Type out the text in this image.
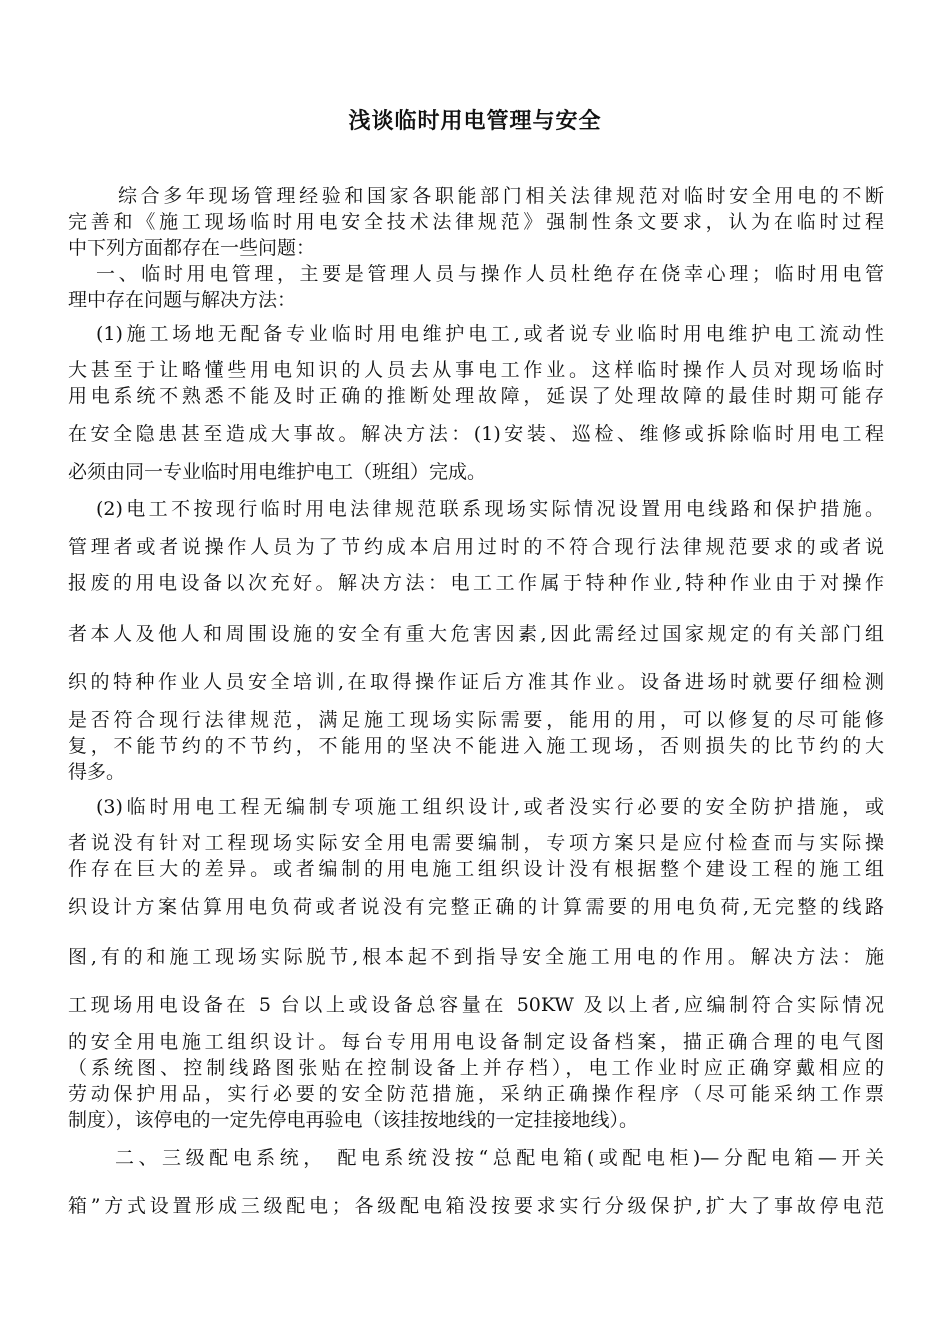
浅谈临时用电管理与安全
综合多年现场管理经验和国家各职能部门相关法律规范对临时安全用电的不断
完善和《施工现场临时用电安全技术法律规范》强制性条文要求，认为在临时过程
中下列方面都存在一些问题：
一、临时用电管理，主要是管理人员与操作人员杜绝存在侥幸心理；临时用电管
理中存在问题与解决方法：
(1)施工场地无配备专业临时用电维护电工,或者说专业临时用电维护电工流动性
大甚至于让略懂些用电知识的人员去从事电工作业。这样临时操作人员对现场临时
用电系统不熟悉不能及时正确的推断处理故障，延误了处理故障的最佳时期可能存
在安全隐患甚至造成大事故。解决方法：(1)安装、巡检、维修或拆除临时用电工程
必须由同一专业临时用电维护电工（班组）完成。
(2)电工不按现行临时用电法律规范联系现场实际情况设置用电线路和保护措施。
管理者或者说操作人员为了节约成本启用过时的不符合现行法律规范要求的或者说
报废的用电设备以次充好。解决方法：电工工作属于特种作业,特种作业由于对操作
者本人及他人和周围设施的安全有重大危害因素,因此需经过国家规定的有关部门组
织的特种作业人员安全培训,在取得操作证后方准其作业。设备进场时就要仔细检测
是否符合现行法律规范，满足施工现场实际需要，能用的用，可以修复的尽可能修
复，不能节约的不节约，不能用的坚决不能进入施工现场，否则损失的比节约的大
得多。
(3)临时用电工程无编制专项施工组织设计,或者没实行必要的安全防护措施，或
者说没有针对工程现场实际安全用电需要编制，专项方案只是应付检查而与实际操
作存在巨大的差异。或者编制的用电施工组织设计没有根据整个建设工程的施工组
织设计方案估算用电负荷或者说没有完整正确的计算需要的用电负荷,无完整的线路
图,有的和施工现场实际脱节,根本起不到指导安全施工用电的作用。解决方法：施
工现场用电设备在 5 台以上或设备总容量在 50KW 及以上者,应编制符合实际情况
的安全用电施工组织设计。每台专用用电设备制定设备档案，描正确合理的电气图
（系统图、控制线路图张贴在控制设备上并存档），电工作业时应正确穿戴相应的
劳动保护用品，实行必要的安全防范措施，采纳正确操作程序（尽可能采纳工作票
制度），该停电的一定先停电再验电（该挂按地线的一定挂接地线）。
二、三级配电系统， 配电系统没按“总配电箱(或配电柜)—分配电箱—开关
箱”方式设置形成三级配电；各级配电箱没按要求实行分级保护,扩大了事故停电范
